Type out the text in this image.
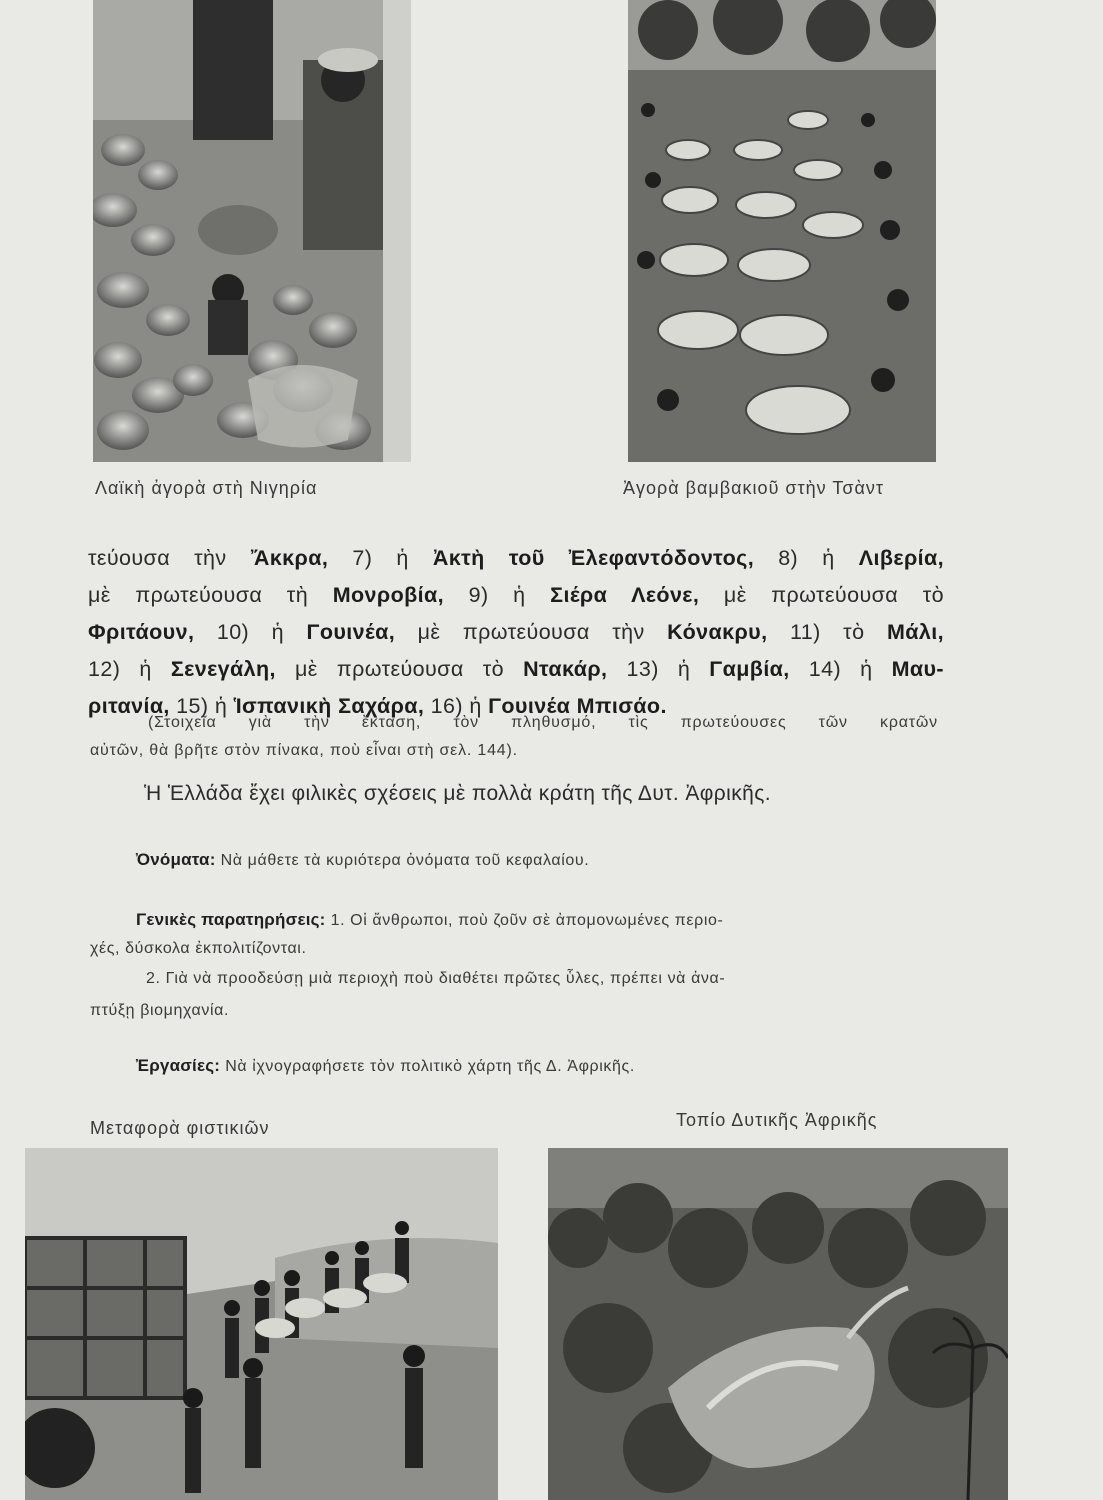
Λαϊκὴ ἀγορὰ στὴ Νιγηρία	Ἀγορὰ βαμβακιοῦ στὴν Τσὰντ
τεύουσα τὴν Ἄκκρα, 7) ἡ Ἀκτὴ τοῦ Ἐλεφαντόδοντος, 8) ἡ Λιβερία,
μὲ πρωτεύουσα τὴ Μονροβία, 9) ἡ Σιέρα Λεόνε, μὲ πρωτεύουσα τὸ
Φριτάουν, 10) ἡ Γουινέα, μὲ πρωτεύουσα τὴν Κόνακρυ, 11) τὸ Μάλι,
12) ἡ Σενεγάλη, μὲ πρωτεύουσα τὸ Ντακάρ, 13) ἡ Γαμβία, 14) ἡ Μαυ-
ριτανία, 15) ἡ Ἱσπανικὴ Σαχάρα, 16) ἡ Γουινέα Μπισάο.
(Στοιχεῖα γιὰ τὴν ἔκταση, τὸν πληθυσμό, τὶς πρωτεύουσες τῶν κρατῶν
αὐτῶν, θὰ βρῆτε στὸν πίνακα, ποὺ εἶναι στὴ σελ. 144).
Ἡ Ἑλλάδα ἔχει φιλικὲς σχέσεις μὲ πολλὰ κράτη τῆς Δυτ. Ἀφρικῆς.
Ὀνόματα: Νὰ μάθετε τὰ κυριότερα ὀνόματα τοῦ κεφαλαίου.
Γενικὲς παρατηρήσεις: 1. Οἱ ἄνθρωποι, ποὺ ζοῦν σὲ ἀπομονωμένες περιο-
χές, δύσκολα ἐκπολιτίζονται.
2. Γιὰ νὰ προοδεύσῃ μιὰ περιοχὴ ποὺ διαθέτει πρῶτες ὗλες, πρέπει νὰ ἀνα-
πτύξῃ βιομηχανία.
Ἐργασίες: Νὰ ἰχνογραφήσετε τὸν πολιτικὸ χάρτη τῆς Δ. Ἀφρικῆς.
Μεταφορὰ φιστικιῶν	Τοπίο Δυτικῆς Ἀφρικῆς
